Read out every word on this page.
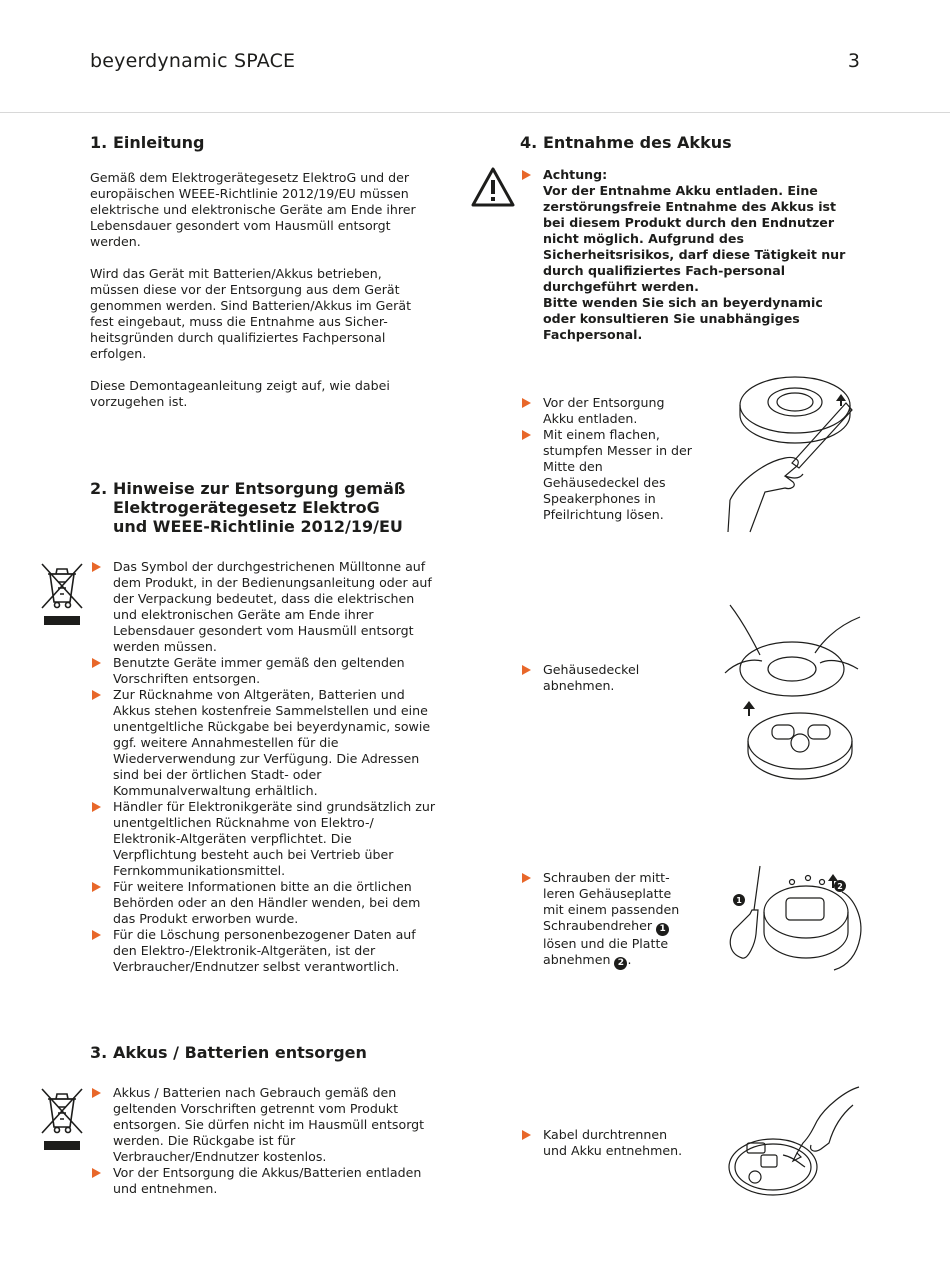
beyerdynamic SPACE	3
1. Einleitung

Gemäß dem Elektrogerätegesetz ElektroG und der europäischen WEEE-Richtlinie 2012/19/EU müssen elektrische und elektronische Geräte am Ende ihrer Lebensdauer gesondert vom Hausmüll entsorgt werden.

Wird das Gerät mit Batterien/Akkus betrieben, müssen diese vor der Entsorgung aus dem Gerät genommen werden. Sind Batterien/Akkus im Gerät fest eingebaut, muss die Entnahme aus Sicher-heitsgründen durch qualifiziertes Fachpersonal erfolgen.

Diese Demontageanleitung zeigt auf, wie dabei vorzugehen ist.

2. Hinweise zur Entsorgung gemäß Elektrogerätegesetz ElektroG und WEEE-Richtlinie 2012/19/EU
Das Symbol der durchgestrichenen Mülltonne auf dem Produkt, in der Bedienungsanleitung oder auf der Verpackung bedeutet, dass die elektrischen und elektronischen Geräte am Ende ihrer Lebensdauer gesondert vom Hausmüll entsorgt werden müssen.
Benutzte Geräte immer gemäß den geltenden Vorschriften entsorgen.
Zur Rücknahme von Altgeräten, Batterien und Akkus stehen kostenfreie Sammelstellen und eine unentgeltliche Rückgabe bei beyerdynamic, sowie ggf. weitere Annahmestellen für die Wiederverwendung zur Verfügung. Die Adressen sind bei der örtlichen Stadt- oder Kommunalverwaltung erhältlich.
Händler für Elektronikgeräte sind grundsätzlich zur unentgeltlichen Rücknahme von Elektro-/ Elektronik-Altgeräten verpflichtet. Die Verpflichtung besteht auch bei Vertrieb über Fernkommunikationsmittel.
Für weitere Informationen bitte an die örtlichen Behörden oder an den Händler wenden, bei dem das Produkt erworben wurde.
Für die Löschung personenbezogener Daten auf den Elektro-/Elektronik-Altgeräten, ist der Verbraucher/Endnutzer selbst verantwortlich.
3. Akkus / Batterien entsorgen
Akkus / Batterien nach Gebrauch gemäß den geltenden Vorschriften getrennt vom Produkt entsorgen. Sie dürfen nicht im Hausmüll entsorgt werden. Die Rückgabe ist für Verbraucher/Endnutzer kostenlos.
Vor der Entsorgung die Akkus/Batterien entladen und entnehmen.
4. Entnahme des Akkus
Achtung:
Vor der Entnahme Akku entladen. Eine zerstörungsfreie Entnahme des Akkus ist bei diesem Produkt durch den Endnutzer nicht möglich. Aufgrund des Sicherheitsrisikos, darf diese Tätigkeit nur durch qualifiziertes Fach-personal durchgeführt werden.
Bitte wenden Sie sich an beyerdynamic oder konsultieren Sie unabhängiges Fachpersonal.
Vor der Entsorgung Akku entladen.
Mit einem flachen, stumpfen Messer in der Mitte den Gehäusedeckel des Speakerphones in Pfeilrichtung lösen.
Gehäusedeckel abnehmen.
Schrauben der mitt-leren Gehäuseplatte mit einem passenden Schraubendreher 1 lösen und die Platte abnehmen 2 .
1
2
Kabel durchtrennen und Akku entnehmen.
